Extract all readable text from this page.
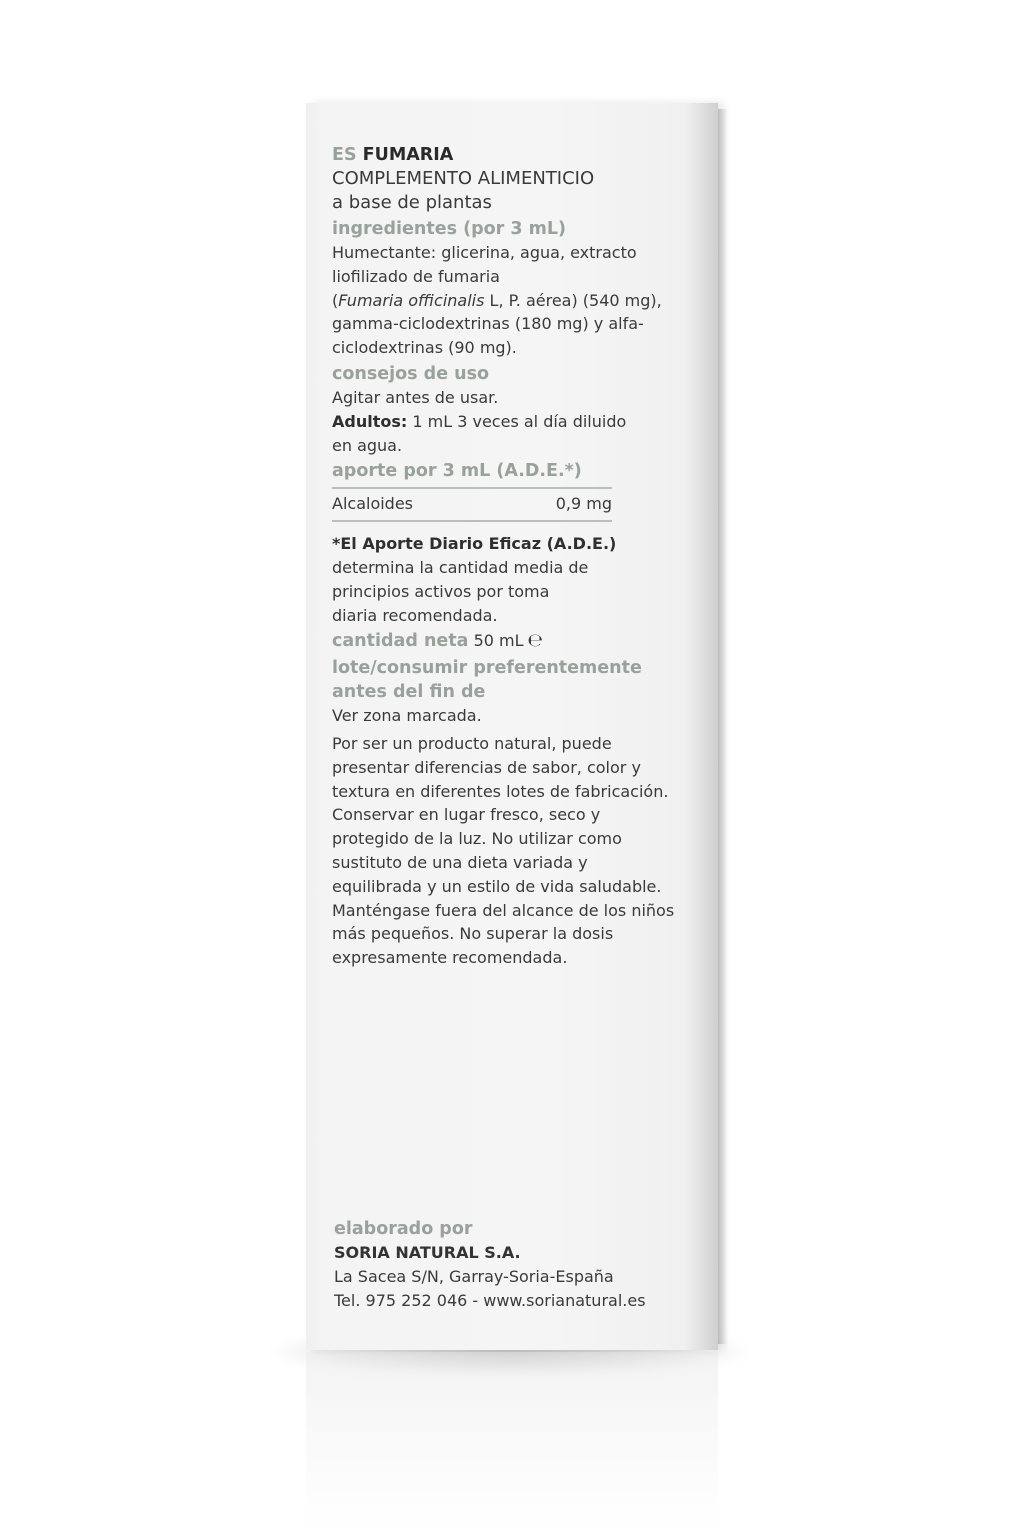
ES FUMARIA
COMPLEMENTO ALIMENTICIO
a base de plantas
ingredientes (por 3 mL)
Humectante: glicerina, agua, extracto
liofilizado de fumaria
(Fumaria officinalis L, P. aérea) (540 mg),
gamma-ciclodextrinas (180 mg) y alfa-
ciclodextrinas (90 mg).
consejos de uso
Agitar antes de usar.
Adultos: 1 mL 3 veces al día diluido
en agua.
aporte por 3 mL (A.D.E.*)
Alcaloides	0,9 mg
*El Aporte Diario Eficaz (A.D.E.)
determina la cantidad media de
principios activos por toma
diaria recomendada.
cantidad neta 50 mL ℮
lote/consumir preferentemente
antes del fin de
Ver zona marcada.
Por ser un producto natural, puede
presentar diferencias de sabor, color y
textura en diferentes lotes de fabricación.
Conservar en lugar fresco, seco y
protegido de la luz. No utilizar como
sustituto de una dieta variada y
equilibrada y un estilo de vida saludable.
Manténgase fuera del alcance de los niños
más pequeños. No superar la dosis
expresamente recomendada.
elaborado por
SORIA NATURAL S.A.
La Sacea S/N, Garray-Soria-España
Tel. 975 252 046 - www.sorianatural.es
